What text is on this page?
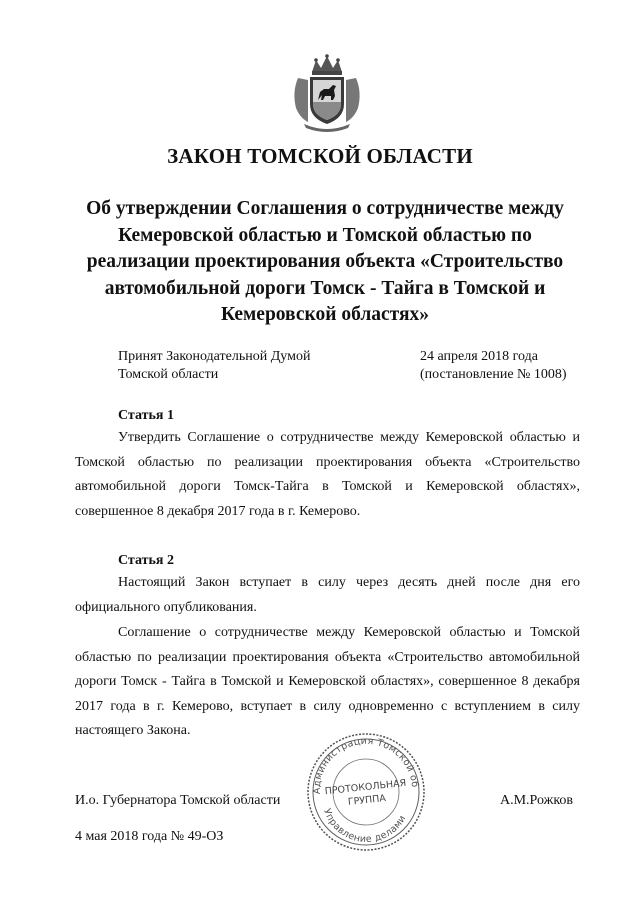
ЗАКОН ТОМСКОЙ ОБЛАСТИ
Об утверждении Соглашения о сотрудничестве между
Кемеровской областью и Томской областью по
реализации проектирования объекта «Строительство
автомобильной дороги Томск - Тайга в Томской и
Кемеровской областях»
Принят Законодательной Думой
Томской области
24 апреля 2018 года
(постановление № 1008)
Статья 1

Утвердить Соглашение о сотрудничестве между Кемеровской областью и Томской областью по реализации проектирования объекта «Строительство автомобильной дороги Томск-Тайга в Томской и Кемеровской областях», совершенное 8 декабря 2017 года в г. Кемерово.

Статья 2

Настоящий Закон вступает в силу через десять дней после дня его официального опубликования.

Соглашение о сотрудничестве между Кемеровской областью и Томской областью по реализации проектирования объекта «Строительство автомобильной дороги Томск - Тайга в Томской и Кемеровской областях», совершенное 8 декабря 2017 года в г. Кемерово, вступает в силу одновременно с вступлением в силу настоящего Закона.

И.о. Губернатора Томской области	А.М.Рожков
Администрация Томской об
Управление делами
ПРОТОКОЛЬНАЯ
ГРУППА
4 мая 2018 года № 49-ОЗ
